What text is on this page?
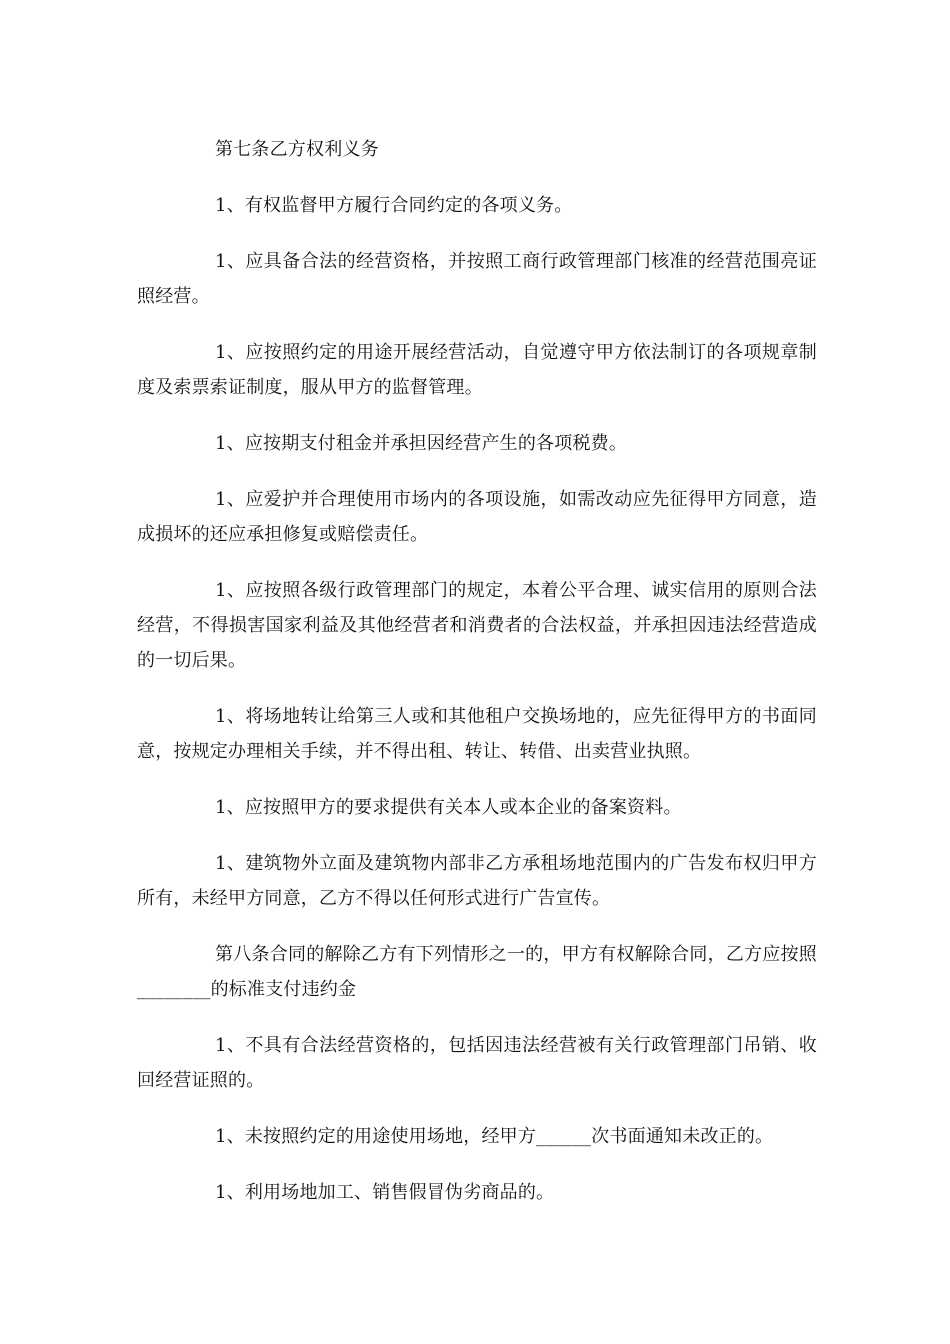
第七条乙方权利义务

1、有权监督甲方履行合同约定的各项义务。

1、应具备合法的经营资格，并按照工商行政管理部门核准的经营范围亮证照经营。

1、应按照约定的用途开展经营活动，自觉遵守甲方依法制订的各项规章制度及索票索证制度，服从甲方的监督管理。

1、应按期支付租金并承担因经营产生的各项税费。

1、应爱护并合理使用市场内的各项设施，如需改动应先征得甲方同意，造成损坏的还应承担修复或赔偿责任。

1、应按照各级行政管理部门的规定，本着公平合理、诚实信用的原则合法经营，不得损害国家利益及其他经营者和消费者的合法权益，并承担因违法经营造成的一切后果。

1、将场地转让给第三人或和其他租户交换场地的，应先征得甲方的书面同意，按规定办理相关手续，并不得出租、转让、转借、出卖营业执照。

1、应按照甲方的要求提供有关本人或本企业的备案资料。

1、建筑物外立面及建筑物内部非乙方承租场地范围内的广告发布权归甲方所有，未经甲方同意，乙方不得以任何形式进行广告宣传。

第八条合同的解除乙方有下列情形之一的，甲方有权解除合同，乙方应按照________的标准支付违约金

1、不具有合法经营资格的，包括因违法经营被有关行政管理部门吊销、收回经营证照的。

1、未按照约定的用途使用场地，经甲方______次书面通知未改正的。

1、利用场地加工、销售假冒伪劣商品的。
